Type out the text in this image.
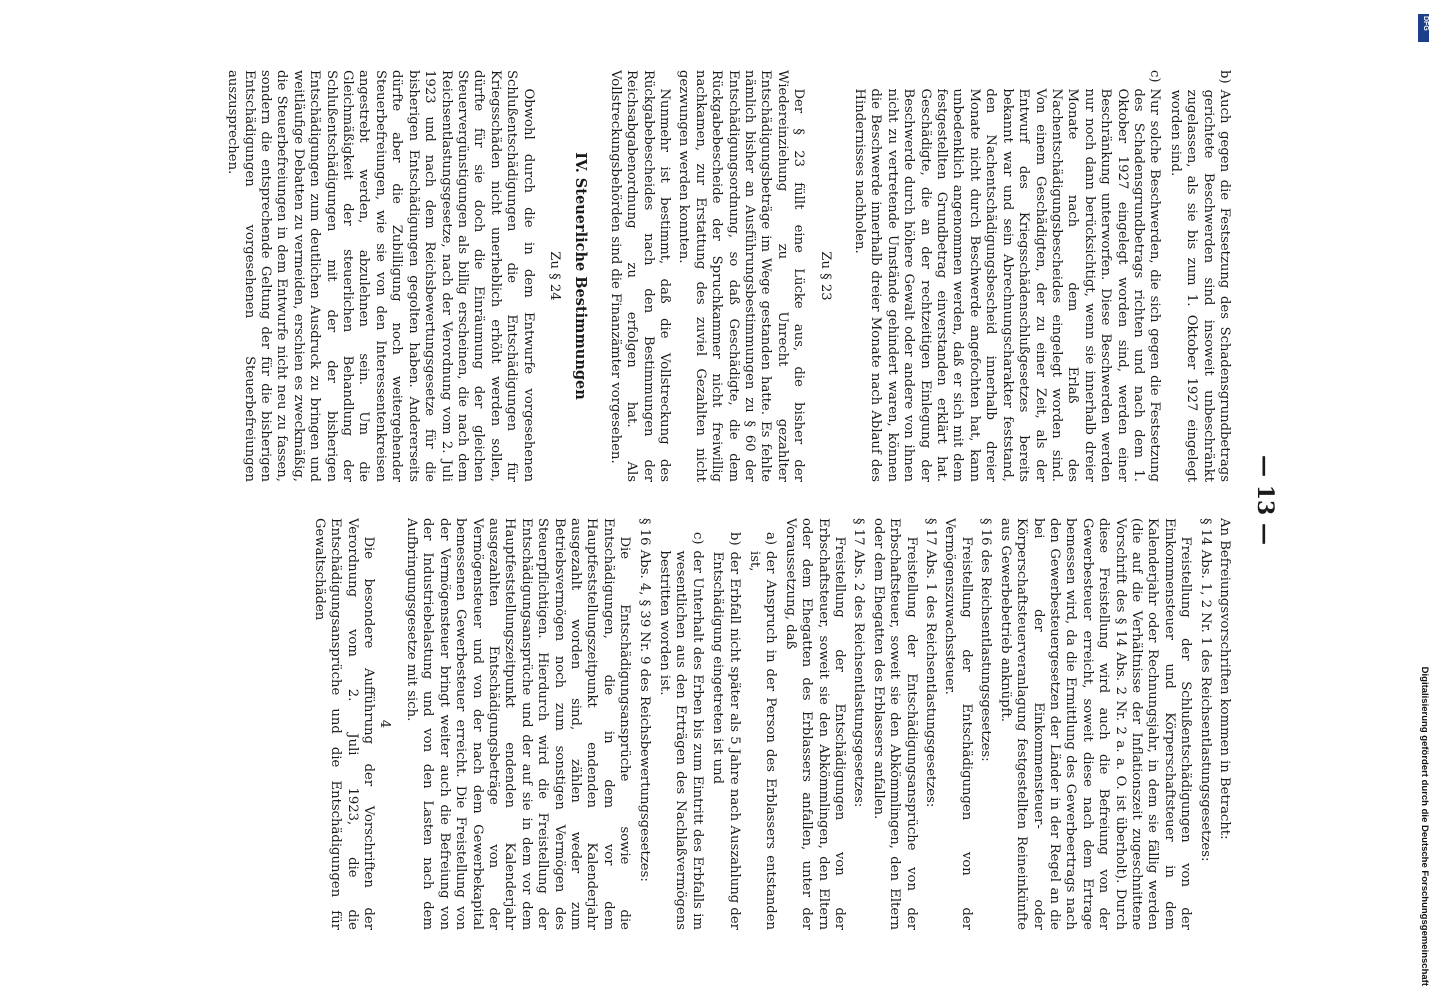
— 13 —
b)
Auch gegen die Festsetzung des Schadensgrundbetrags gerichtete Beschwerden sind insoweit unbeschränkt zugelassen, als sie bis zum 1. Oktober 1927 eingelegt worden sind.
c)
Nur solche Beschwerden, die sich gegen die Festsetzung des Schadensgrundbetrags richten und nach dem 1. Oktober 1927 eingelegt worden sind, werden einer Beschränkung unterworfen. Diese Beschwerden werden nur noch dann berücksichtigt, wenn sie innerhalb dreier Monate nach dem Erlaß des Nachentschädigungsbescheides eingelegt worden sind. Von einem Geschädigten, der zu einer Zeit, als der Entwurf des Kriegsschädenschlußgesetzes bereits bekannt war und sein Abrechnungscharakter feststand, den Nachentschädigungsbescheid innerhalb dreier Monate nicht durch Beschwerde angefochten hat, kann unbedenklich angenommen werden, daß er sich mit dem festgestellten Grundbetrag einverstanden erklärt hat. Geschädigte, die an der rechtzeitigen Einlegung der Beschwerde durch höhere Gewalt oder andere von ihnen nicht zu vertretende Umstände gehindert waren, können die Beschwerde innerhalb dreier Monate nach Ablauf des Hindernisses nachholen.
Zu § 23

Der § 23 füllt eine Lücke aus, die bisher der Wiedereinziehung zu Unrecht gezahlter Entschädigungsbeträge im Wege gestanden hatte. Es fehlte nämlich bisher an Ausführungsbestimmungen zu § 60 der Entschädigungsordnung, so daß Geschädigte, die dem Rückgabebescheide der Spruchkammer nicht freiwillig nachkamen, zur Erstattung des zuviel Gezahlten nicht gezwungen werden konnten.

Nunmehr ist bestimmt, daß die Vollstreckung des Rückgabebescheides nach den Bestimmungen der Reichsabgabenordnung zu erfolgen hat. Als Vollstreckungsbehörden sind die Finanzämter vorgesehen.

IV. Steuerliche Bestimmungen
Zu § 24

Obwohl durch die in dem Entwurfe vorgesehenen Schlußentschädigungen die Entschädigungen für Kriegsschäden nicht unerheblich erhöht werden sollen, dürfte für sie doch die Einräumung der gleichen Steuervergünstigungen als billig erscheinen, die nach dem Reichsentlastungsgesetze, nach der Verordnung vom 2. Juli 1923 und nach dem Reichsbewertungsgesetze für die bisherigen Entschädigungen gegolten haben. Andererseits dürfte aber die Zubilligung noch weitergehender Steuerbefreiungen, wie sie von den Interessentenkreisen angestrebt werden, abzulehnen sein. Um die Gleichmäßigkeit der steuerlichen Behandlung der Schlußentschädigungen mit der der bisherigen Entschädigungen zum deutlichen Ausdruck zu bringen und weitläufige Debatten zu vermeiden, erschien es zweckmäßig, die Steuerbefreiungen in dem Entwurfe nicht neu zu fassen, sondern die entsprechende Geltung der für die bisherigen Entschädigungen vorgesehenen Steuerbefreiungen auszusprechen.

An Befreiungsvorschriften kommen in Betracht:

§ 14 Abs. 1, 2 Nr. 1 des Reichsentlastungsgesetzes:

Freistellung der Schlußentschädigungen von der Einkommensteuer und Körperschaftsteuer in dem Kalenderjahr oder Rechnungsjahr, in dem sie fällig werden (die auf die Verhältnisse der Inflationszeit zugeschnittene Vorschrift des § 14 Abs. 2 Nr. 2 a. a. O. ist überholt). Durch diese Freistellung wird auch die Befreiung von der Gewerbesteuer erreicht, soweit diese nach dem Ertrage bemessen wird, da die Ermittlung des Gewerbeertrags nach den Gewerbesteuergesetzen der Länder in der Regel an die bei der Einkommensteuer- oder Körperschaftsteuerveranlagung festgestellten Reineinkünfte aus Gewerbebetrieb anknüpft.

§ 16 des Reichsentlastungsgesetzes:

Freistellung der Entschädigungen von der Vermögenszuwachssteuer.

§ 17 Abs. 1 des Reichsentlastungsgesetzes:

Freistellung der Entschädigungsansprüche von der Erbschaftsteuer, soweit sie den Abkömmlingen, den Eltern oder dem Ehegatten des Erblassers anfallen.

§ 17 Abs. 2 des Reichsentlastungsgesetzes:

Freistellung der Entschädigungen von der Erbschaftsteuer, soweit sie den Abkömmlingen, den Eltern oder dem Ehegatten des Erblassers anfallen, unter der Voraussetzung, daß

a)
der Anspruch in der Person des Erblassers entstanden ist,
b)
der Erbfall nicht später als 5 Jahre nach Auszahlung der Entschädigung eingetreten ist und
c)
der Unterhalt des Erben bis zum Eintritt des Erbfalls im wesentlichen aus den Erträgen des Nachlaßvermögens bestritten worden ist.

§ 16 Abs. 4, § 39 Nr. 9 des Reichsbewertungsgesetzes:

Die Entschädigungsansprüche sowie die Entschädigungen, die in dem vor dem Hauptfeststellungszeitpunkt endenden Kalenderjahr ausgezahlt worden sind, zählen weder zum Betriebsvermögen noch zum sonstigen Vermögen des Steuerpflichtigen. Hierdurch wird die Freistellung der Entschädigungsansprüche und der auf sie in dem vor dem Hauptfeststellungszeitpunkt endenden Kalenderjahr ausgezahlten Entschädigungsbeträge von der Vermögensteuer und von der nach dem Gewerbekapital bemessenen Gewerbesteuer erreicht. Die Freistellung von der Vermögensteuer bringt weiter auch die Befreiung von der Industriebelastung und von den Lasten nach dem Aufbringungsgesetze mit sich.

4

Die besondere Aufführung der Vorschriften der Verordnung vom 2. Juli 1923, die die Entschädigungsansprüche und die Entschädigungen für Gewaltschäden

DFG
Digitalisierung gefördert durch die Deutsche Forschungsgemeinschaft
